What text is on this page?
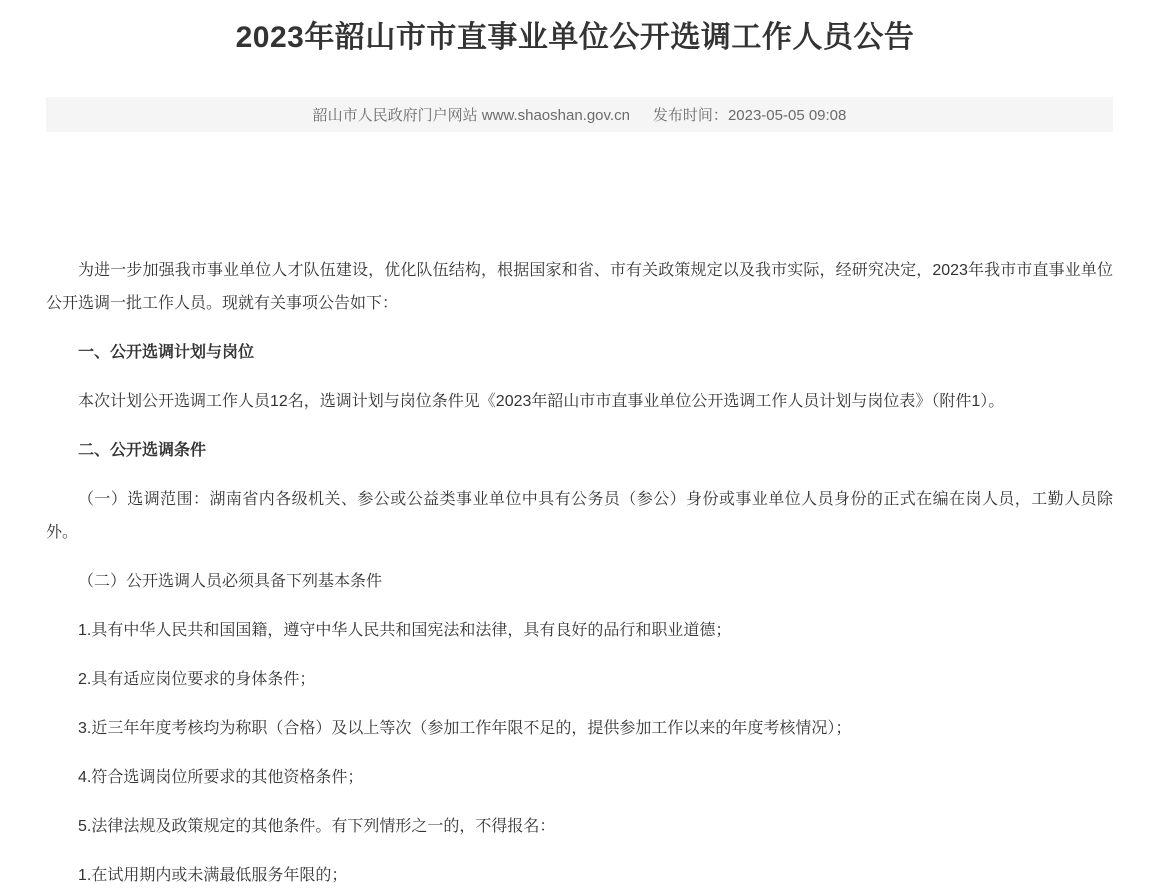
2023年韶山市市直事业单位公开选调工作人员公告
韶山市人民政府门户网站 www.shaoshan.gov.cn 发布时间：2023-05-05 09:08

为进一步加强我市事业单位人才队伍建设，优化队伍结构，根据国家和省、市有关政策规定以及我市实际，经研究决定，2023年我市市直事业单位公开选调一批工作人员。现就有关事项公告如下：

一、公开选调计划与岗位

本次计划公开选调工作人员12名，选调计划与岗位条件见《2023年韶山市市直事业单位公开选调工作人员计划与岗位表》（附件1）。

二、公开选调条件

（一）选调范围：湖南省内各级机关、参公或公益类事业单位中具有公务员（参公）身份或事业单位人员身份的正式在编在岗人员，工勤人员除外。

（二）公开选调人员必须具备下列基本条件

1.具有中华人民共和国国籍，遵守中华人民共和国宪法和法律，具有良好的品行和职业道德；

2.具有适应岗位要求的身体条件；

3.近三年年度考核均为称职（合格）及以上等次（参加工作年限不足的，提供参加工作以来的年度考核情况）；

4.符合选调岗位所要求的其他资格条件；

5.法律法规及政策规定的其他条件。有下列情形之一的，不得报名：

1.在试用期内或未满最低服务年限的；
